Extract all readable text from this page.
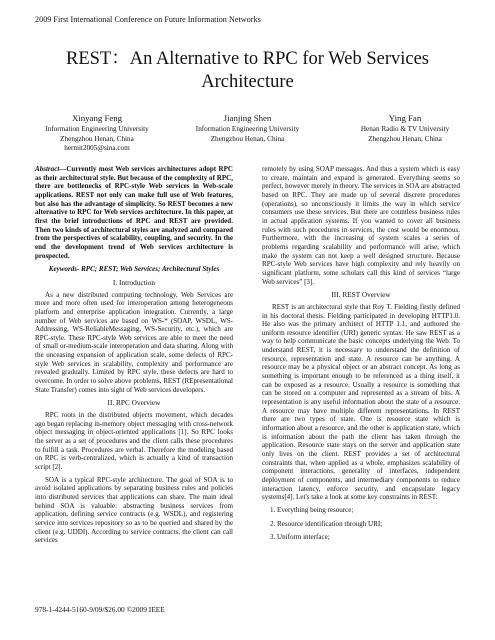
2009 First International Conference on Future Information Networks
REST：An Alternative to RPC for Web Services Architecture
Xinyang Feng
Information Engineering University
Zhengzhou Henan, China
hermit2005@sina.com
Jianjing Shen
Information Engineering University
Zhengzhou Henan, China
Ying Fan
Henan Radio & TV University
Zhengzhou Henan, China

Abstract—Currently most Web services architectures adopt RPC as their architectural style. But because of the complexity of RPC, there are bottlenecks of RPC-style Web services in Web-scale applications. REST not only can make full use of Web features, but also has the advantage of simplicity. So REST becomes a new alternative to RPC for Web services architecture. In this paper, at first the brief introductions of RPC and REST are provided. Then two kinds of architectural styles are analyzed and compared from the perspectives of scalability, coupling, and security. In the end the development trend of Web services architecture is prospected.

Keywords- RPC; REST; Web Services; Architectural Styles

I. Introduction

As a new distributed computing technology, Web Services are more and more often used for interoperation among heterogeneous platform and enterprise application integration. Currently, a large number of Web services are based on WS-* (SOAP, WSDL, WS-Addressing, WS-ReliableMessaging, WS-Security, etc.), which are RPC-style. These RPC-style Web services are able to meet the need of small or-medium-scale interoperation and data sharing. Along with the unceasing expansion of application scale, some defects of RPC-style Web services in scalability, complexity and performance are revealed gradually. Limited by RPC style, these defects are hard to overcome. In order to solve above problems, REST (REpresentational State Transfer) comes into sight of Web services developers.

II. RPC Overview

RPC roots in the distributed objects movement, which decades ago began replacing in-memory object messaging with cross-network object messaging in object-oriented applications [1]. So RPC looks the server as a set of procedures and the client calls these procedures to fulfill a task. Procedures are verbal. Therefore the modeling based on RPC is verb-centralized, which is actually a kind of transaction script [2].

SOA is a typical RPC-style architecture. The goal of SOA is to avoid isolated applications by separating business rules and policies into distributed services that applications can share. The main ideal behind SOA is valuable: abstracting business services from application, defining service contracts (e.g. WSDL), and registering service into services repository so as to be queried and shared by the client (e.g. UDDI). According to service contracts, the client can call services

remotely by using SOAP messages. And thus a system which is easy to create, maintain and expand is generated. Everything seems so perfect, however merely in theory. The services in SOA are abstracted based on RPC. They are made up of several discrete procedures (operations), so unconsciously it limits the way in which service consumers use these services. But there are countless business rules in actual application systems. If you wanted to cover all business rules with such procedures in services, the cost would be enormous. Furthermore, with the increasing of system scales a series of problems regarding scalability and performance will arise, which make the system can not keep a well designed structure. Because RPC-style Web services have high complexity and rely heavily on significant platform, some scholars call this kind of services “large Web services” [3].

III. REST Overview

REST is an architectural style that Roy T. Fielding firstly defined in his doctoral thesis. Fielding participated in developing HTTP1.0. He also was the primary architect of HTTP 1.1, and authored the uniform resource identifier (URI) generic syntax. He saw REST as a way to help communicate the basic concepts underlying the Web. To understand REST, it is necessary to understand the definition of resource, representation and state. A resource can be anything. A resource may be a physical object or an abstract concept. As long as something is important enough to be referenced as a thing itself, it can be exposed as a resource. Usually a resource is something that can be stored on a computer and represented as a stream of bits. A representation is any useful information about the state of a resource. A resource may have multiple different representations. In REST there are two types of state. One is resource state which is information about a resource, and the other is application state, which is information about the path the client has taken through the application. Resource state stays on the server and application state only lives on the client. REST provides a set of architectural constraints that, when applied as a whole, emphasizes scalability of component interactions, generality of interfaces, independent deployment of components, and intermediary components to reduce interaction latency, enforce security, and encapsulate legacy systems[4]. Let's take a look at some key constraints in REST:

1. Everything being resource;
2. Resource identification through URI;
3. Uniform interface;
978-1-4244-5160-9/09/$26.00 ©2009 IEEE
